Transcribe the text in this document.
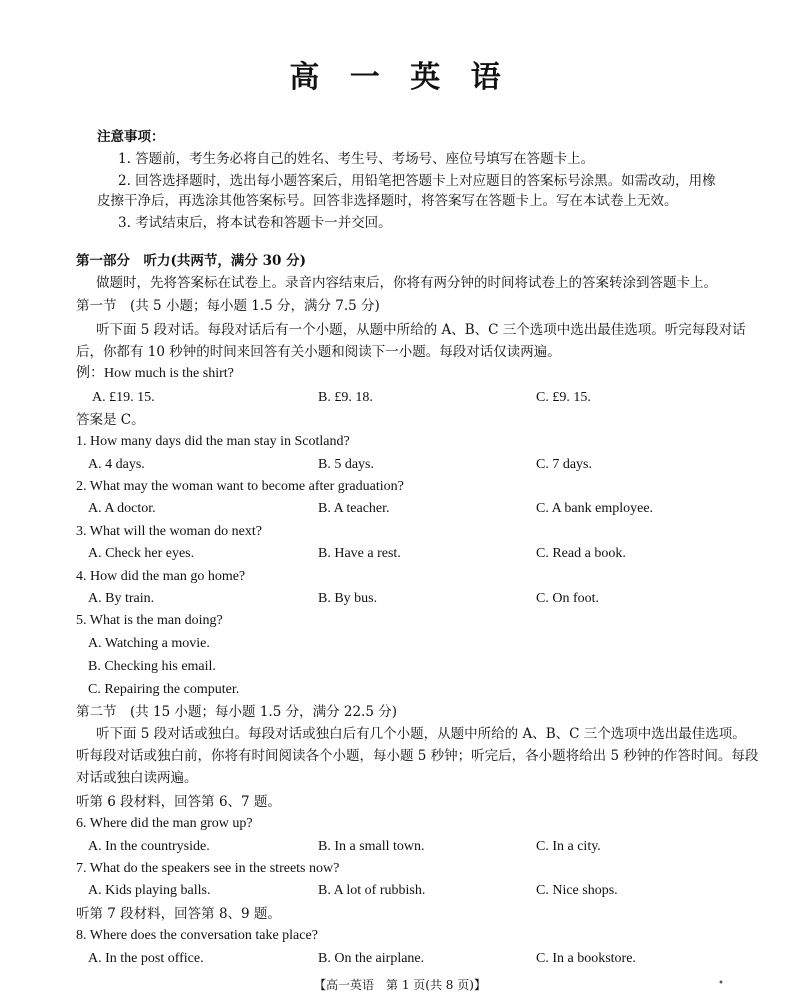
高 一 英 语
注意事项：
1. 答题前，考生务必将自己的姓名、考生号、考场号、座位号填写在答题卡上。
2. 回答选择题时，选出每小题答案后，用铅笔把答题卡上对应题目的答案标号涂黑。如需改动，用橡
皮擦干净后，再选涂其他答案标号。回答非选择题时，将答案写在答题卡上。写在本试卷上无效。
3. 考试结束后，将本试卷和答题卡一并交回。
第一部分　听力(共两节，满分 30 分)
做题时，先将答案标在试卷上。录音内容结束后，你将有两分钟的时间将试卷上的答案转涂到答题卡上。
第一节　(共 5 小题；每小题 1.5 分，满分 7.5 分)
听下面 5 段对话。每段对话后有一个小题，从题中所给的 A、B、C 三个选项中选出最佳选项。听完每段对话
后，你都有 10 秒钟的时间来回答有关小题和阅读下一小题。每段对话仅读两遍。
例：How much is the shirt?
A. £19. 15.	B. £9. 18.	C. £9. 15.
答案是 C。
1. How many days did the man stay in Scotland?
A. 4 days.	B. 5 days.	C. 7 days.
2. What may the woman want to become after graduation?
A. A doctor.	B. A teacher.	C. A bank employee.
3. What will the woman do next?
A. Check her eyes.	B. Have a rest.	C. Read a book.
4. How did the man go home?
A. By train.	B. By bus.	C. On foot.
5. What is the man doing?
A. Watching a movie.
B. Checking his email.
C. Repairing the computer.
第二节　(共 15 小题；每小题 1.5 分，满分 22.5 分)
听下面 5 段对话或独白。每段对话或独白后有几个小题，从题中所给的 A、B、C 三个选项中选出最佳选项。
听每段对话或独白前，你将有时间阅读各个小题，每小题 5 秒钟；听完后，各小题将给出 5 秒钟的作答时间。每段
对话或独白读两遍。
听第 6 段材料，回答第 6、7 题。
6. Where did the man grow up?
A. In the countryside.	B. In a small town.	C. In a city.
7. What do the speakers see in the streets now?
A. Kids playing balls.	B. A lot of rubbish.	C. Nice shops.
听第 7 段材料，回答第 8、9 题。
8. Where does the conversation take place?
A. In the post office.	B. On the airplane.	C. In a bookstore.
【高一英语　第 1 页(共 8 页)】	•
